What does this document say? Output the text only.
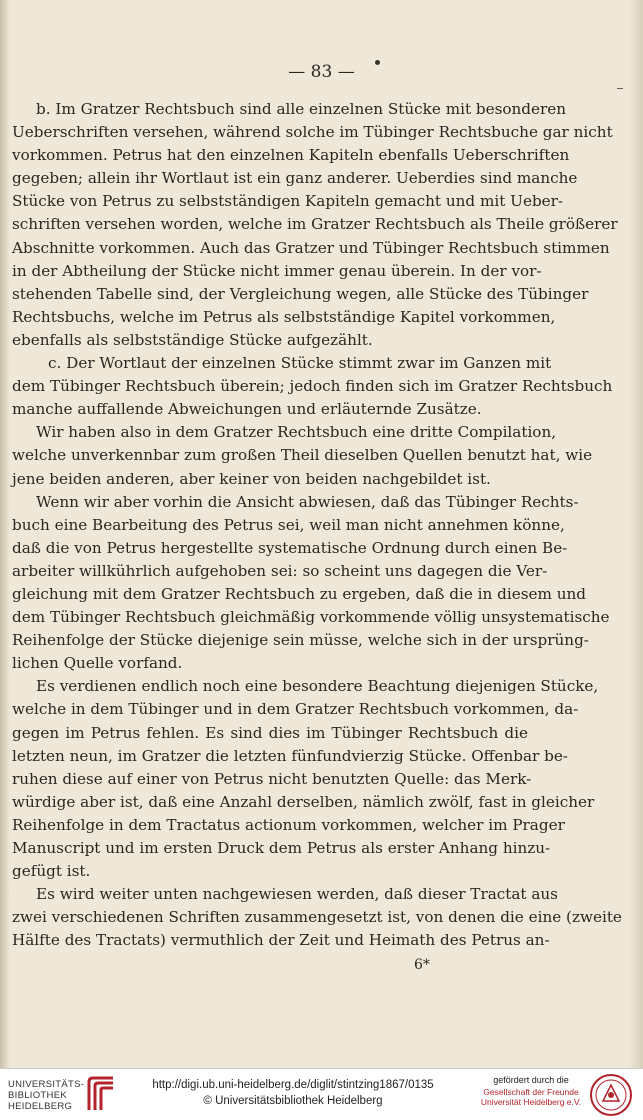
— 83 —
b. Im Gratzer Rechtsbuch sind alle einzelnen Stücke mit besonderen
Ueberschriften versehen, während solche im Tübinger Rechtsbuche gar nicht
vorkommen. Petrus hat den einzelnen Kapiteln ebenfalls Ueberschriften
gegeben; allein ihr Wortlaut ist ein ganz anderer. Ueberdies sind manche
Stücke von Petrus zu selbstständigen Kapiteln gemacht und mit Ueber-
schriften versehen worden, welche im Gratzer Rechtsbuch als Theile größerer
Abschnitte vorkommen. Auch das Gratzer und Tübinger Rechtsbuch stimmen
in der Abtheilung der Stücke nicht immer genau überein. In der vor-
stehenden Tabelle sind, der Vergleichung wegen, alle Stücke des Tübinger
Rechtsbuchs, welche im Petrus als selbstständige Kapitel vorkommen,
ebenfalls als selbstständige Stücke aufgezählt.
c. Der Wortlaut der einzelnen Stücke stimmt zwar im Ganzen mit
dem Tübinger Rechtsbuch überein; jedoch finden sich im Gratzer Rechtsbuch
manche auffallende Abweichungen und erläuternde Zusätze.
Wir haben also in dem Gratzer Rechtsbuch eine dritte Compilation,
welche unverkennbar zum großen Theil dieselben Quellen benutzt hat, wie
jene beiden anderen, aber keiner von beiden nachgebildet ist.
Wenn wir aber vorhin die Ansicht abwiesen, daß das Tübinger Rechts-
buch eine Bearbeitung des Petrus sei, weil man nicht annehmen könne,
daß die von Petrus hergestellte systematische Ordnung durch einen Be-
arbeiter willkührlich aufgehoben sei: so scheint uns dagegen die Ver-
gleichung mit dem Gratzer Rechtsbuch zu ergeben, daß die in diesem und
dem Tübinger Rechtsbuch gleichmäßig vorkommende völlig unsystematische
Reihenfolge der Stücke diejenige sein müsse, welche sich in der ursprüng-
lichen Quelle vorfand.
Es verdienen endlich noch eine besondere Beachtung diejenigen Stücke,
welche in dem Tübinger und in dem Gratzer Rechtsbuch vorkommen, da-
gegen im Petrus fehlen. Es sind dies im Tübinger Rechtsbuch die
letzten neun, im Gratzer die letzten fünfundvierzig Stücke. Offenbar be-
ruhen diese auf einer von Petrus nicht benutzten Quelle: das Merk-
würdige aber ist, daß eine Anzahl derselben, nämlich zwölf, fast in gleicher
Reihenfolge in dem Tractatus actionum vorkommen, welcher im Prager
Manuscript und im ersten Druck dem Petrus als erster Anhang hinzu-
gefügt ist.
Es wird weiter unten nachgewiesen werden, daß dieser Tractat aus
zwei verschiedenen Schriften zusammengesetzt ist, von denen die eine (zweite
Hälfte des Tractats) vermuthlich der Zeit und Heimath des Petrus an-
6*
UNIVERSITÄTS-
BIBLIOTHEK
HEIDELBERG
http://digi.ub.uni-heidelberg.de/diglit/stintzing1867/0135
© Universitätsbibliothek Heidelberg
gefördert durch die
Gesellschaft der Freunde
Universität Heidelberg e.V.
